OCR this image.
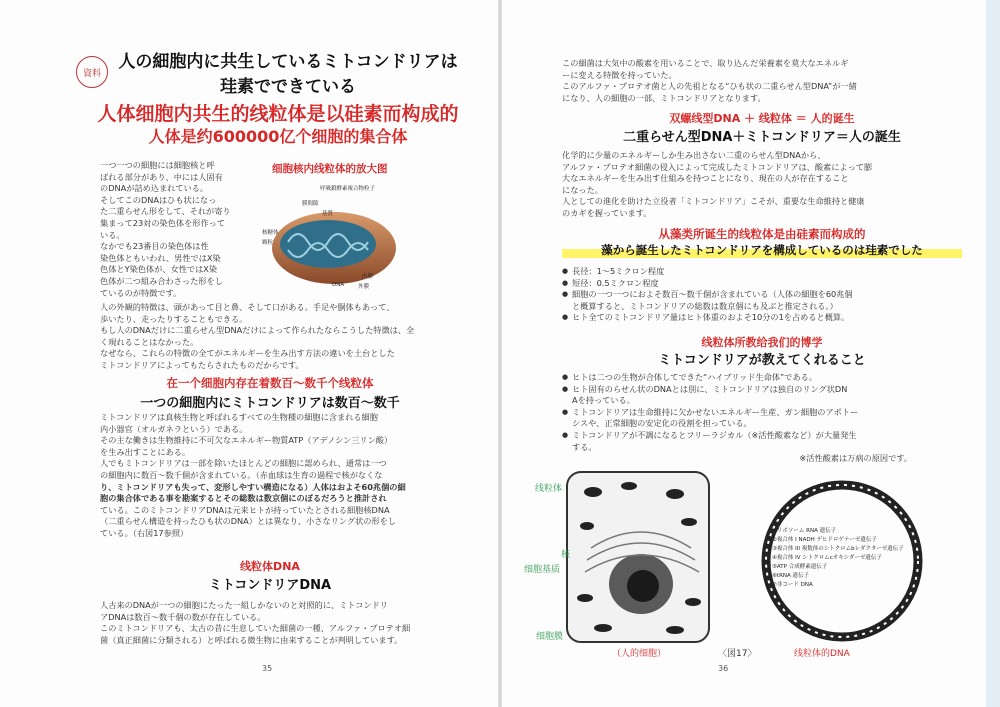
資料
人の細胞内に共生しているミトコンドリアは
珪素でできている
人体细胞内共生的线粒体是以硅素而构成的
人体是约600000亿个细胞的集合体

一つ一つの細胞には細胞核と呼

ばれる部分があり、中には人固有

のDNAが詰め込まれている。

そしてこのDNAはひも状になっ

た二重らせん形をして、それが寄り

集まって23対の染色体を形作って

いる。

なかでも23番目の染色体は性

染色体ともいわれ、男性ではX染

色体とY染色体が、女性ではX染

色体が二つ組み合わさった形をし

ているのが特徴です。

细胞核内线粒体的放大图
呼吸鎖酵素複合物粒子
膜間隙
基質
核糖体
顆粒
内膜
外膜
DNA

人の外観的特徴は、頭があって目と鼻、そして口がある。手足や胴体もあって、

歩いたり、走ったりすることもできる。

もし人のDNAだけに二重らせん型DNAだけによって作られたならこうした特徴は、全

く現れることはなかった。

なぜなら、これらの特徴の全てがエネルギーを生み出す方法の違いを土台とした

ミトコンドリアによってもたらされたものだからです。

在一个细胞内存在着数百～数千个线粒体
一つの細胞内にミトコンドリアは数百～数千

ミトコンドリアは真核生物と呼ばれるすべての生物種の細胞に含まれる細胞

内小器官（オルガネラという）である。

その主な働きは生物維持に不可欠なエネルギー物質ATP（アデノシン三リン酸）

を生み出すことにある。

人でもミトコンドリアは一部を除いたほとんどの細胞に認められ、通常は一つ

の細胞内に数百～数千個が含まれている。（赤血球は生育の過程で核がなくな

り、ミトコンドリアも失って、変形しやすい構造になる）人体はおよそ60兆個の細

胞の集合体である事を勘案するとその総数は数京個にのぼるだろうと推計され

ている。このミトコンドリアDNAは元来ヒトが持っていたとされる細胞核DNA

（二重らせん構造を持ったひも状のDNA）とは異なり、小さなリング状の形をし

ている。（右図17参照）

线粒体DNA
ミトコンドリアDNA

人古来のDNAが一つの細胞にたった一組しかないのと対照的に、ミトコンドリ

アDNAは数百～数千個の数が存在している。

このミトコンドリアも、太古の昔に生息していた細菌の一種、アルファ・プロテオ細

菌（真正細菌に分類される）と呼ばれる微生物に由来することが判明しています。

35

この細菌は大気中の酸素を用いることで、取り込んだ栄養素を莫大なエネルギ

ーに変える特徴を持っていた。

このアルファ・プロテオ菌と人の先祖となる“ひも状の二重らせん型DNA”が一緒

になり、人の細胞の一部、ミトコンドリアとなります。

双螺线型DNA ＋ 线粒体 ＝ 人的诞生
二重らせん型DNA＋ミトコンドリア＝人の誕生

化学的に少量のエネルギーしか生み出さない二重のらせん型DNAから、

アルファ・プロテオ細菌の侵入によって完成したミトコンドリアは、酸素によって膨

大なエネルギーを生み出す仕組みを持つことになり、現在の人が存在すること

になった。

人としての進化を助けた立役者「ミトコンドリア」こそが、重要な生命維持と健康

のカギを握っています。

从藻类所诞生的线粒体是由硅素而构成的
藻から誕生したミトコンドリアを構成しているのは珪素でした
● 長径：1～5ミクロン程度
● 短径：0.5ミクロン程度
● 細胞の一つ一つにおよそ数百～数千個が含まれている（人体の細胞を60兆個

と概算すると、ミトコンドリアの総数は数京個にも及ぶと推定される。）

● ヒト全てのミトコンドリア量はヒト体重のおよそ10分の1を占めると概算。
线粒体所教给我们的博学
ミトコンドリアが教えてくれること
● ヒトは二つの生物が合体してできた“ハイブリッド生命体”である。
● ヒト固有のらせん状のDNAとは別に、ミトコンドリアは独自のリング状DN

Aを持っている。

● ミトコンドリアは生命維持に欠かせないエネルギー生産、ガン細胞のアポトー

シスや、正常細胞の安定化の役割を担っている。

● ミトコンドリアが不調になるとフリーラジカル（※活性酸素など）が大量発生

する。

※活性酸素は万病の原因です。

线粒体
核
细胞基质
细胞膜
①リボソーム RNA 遺伝子
②複合体 I NADH デヒドロゲナーゼ遺伝子
③複合体 III 複数体のシトクロムbレダクターゼ遺伝子
④複合体 IV シトクロムcオキシダーゼ遺伝子
⑤ATP 合成酵素遺伝子
⑥tRNA 遺伝子
⑦非コード DNA
（人的细胞）	〈図17〉	线粒体的DNA
36
